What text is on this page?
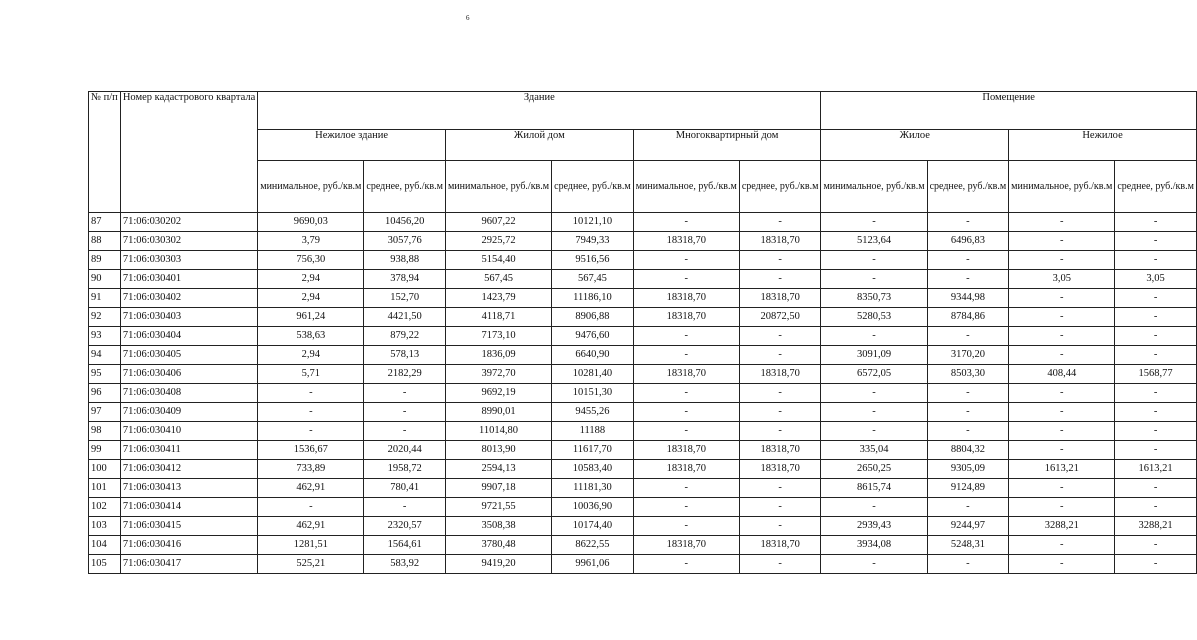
6
№ п/п	Номер кадастрового квартала	Здание						Помещение			
		Нежилое здание		Жилой дом		Многоквартирный дом		Жилое		Нежилое	
		минимальное, руб./кв.м	среднее, руб./кв.м	минимальное, руб./кв.м	среднее, руб./кв.м	минимальное, руб./кв.м	среднее, руб./кв.м	минимальное, руб./кв.м	среднее, руб./кв.м	минимальное, руб./кв.м	среднее, руб./кв.м
87	71:06:030202	9690,03	10456,20	9607,22	10121,10	-	-	-	-	-	-
88	71:06:030302	3,79	3057,76	2925,72	7949,33	18318,70	18318,70	5123,64	6496,83	-	-
89	71:06:030303	756,30	938,88	5154,40	9516,56	-	-	-	-	-	-
90	71:06:030401	2,94	378,94	567,45	567,45	-	-	-	-	3,05	3,05
91	71:06:030402	2,94	152,70	1423,79	11186,10	18318,70	18318,70	8350,73	9344,98	-	-
92	71:06:030403	961,24	4421,50	4118,71	8906,88	18318,70	20872,50	5280,53	8784,86	-	-
93	71:06:030404	538,63	879,22	7173,10	9476,60	-	-	-	-	-	-
94	71:06:030405	2,94	578,13	1836,09	6640,90	-	-	3091,09	3170,20	-	-
95	71:06:030406	5,71	2182,29	3972,70	10281,40	18318,70	18318,70	6572,05	8503,30	408,44	1568,77
96	71:06:030408	-	-	9692,19	10151,30	-	-	-	-	-	-
97	71:06:030409	-	-	8990,01	9455,26	-	-	-	-	-	-
98	71:06:030410	-	-	11014,80	11188	-	-	-	-	-	-
99	71:06:030411	1536,67	2020,44	8013,90	11617,70	18318,70	18318,70	335,04	8804,32	-	-
100	71:06:030412	733,89	1958,72	2594,13	10583,40	18318,70	18318,70	2650,25	9305,09	1613,21	1613,21
101	71:06:030413	462,91	780,41	9907,18	11181,30	-	-	8615,74	9124,89	-	-
102	71:06:030414	-	-	9721,55	10036,90	-	-	-	-	-	-
103	71:06:030415	462,91	2320,57	3508,38	10174,40	-	-	2939,43	9244,97	3288,21	3288,21
104	71:06:030416	1281,51	1564,61	3780,48	8622,55	18318,70	18318,70	3934,08	5248,31	-	-
105	71:06:030417	525,21	583,92	9419,20	9961,06	-	-	-	-	-	-
